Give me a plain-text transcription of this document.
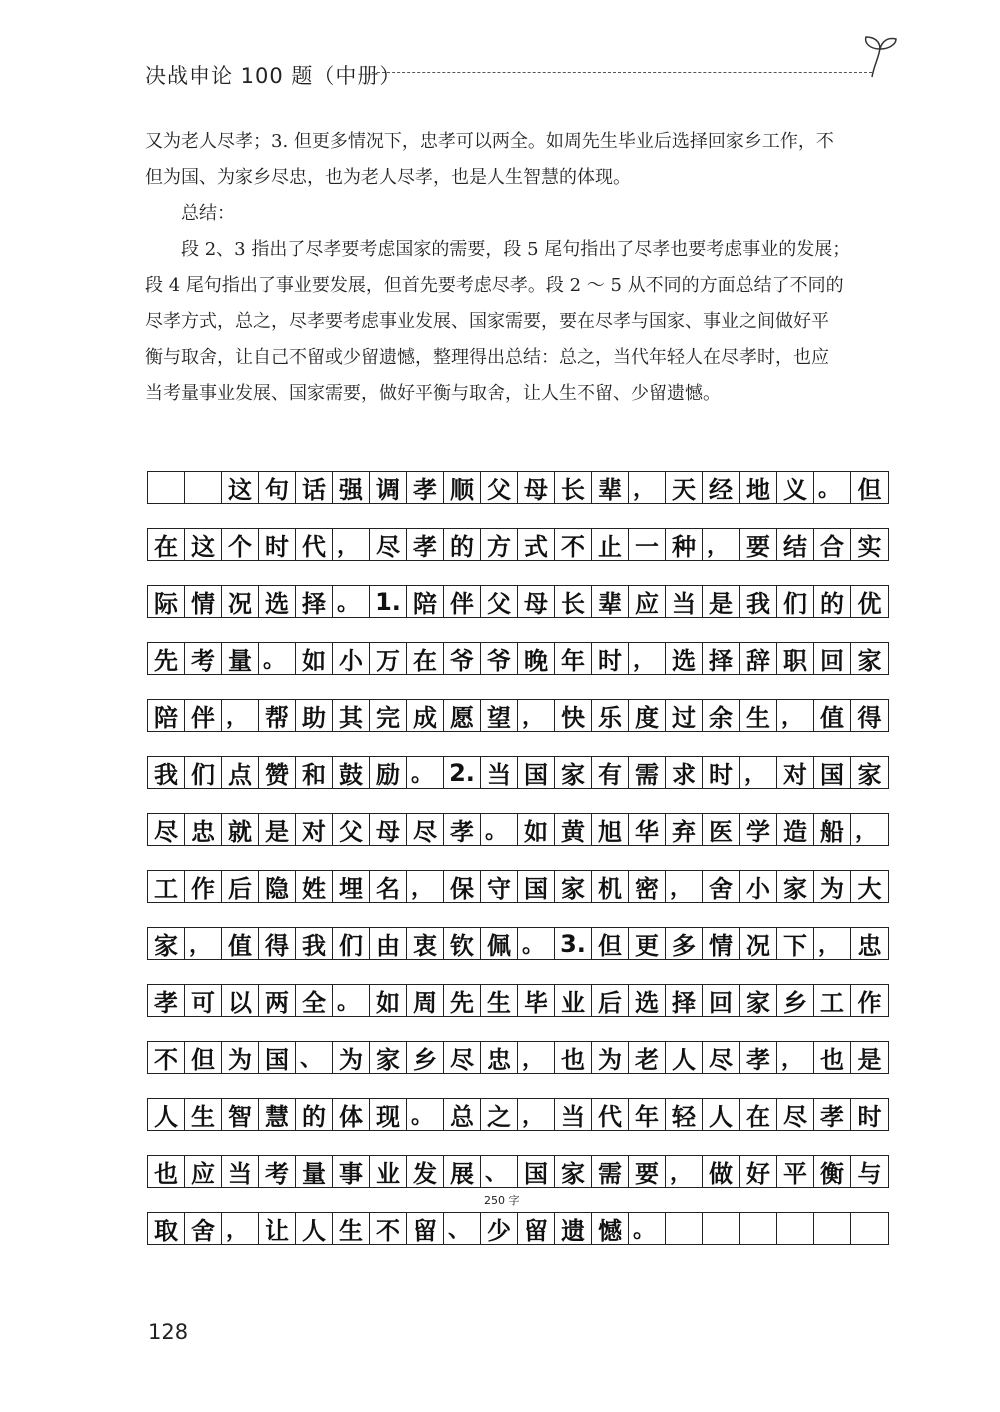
决战申论 100 题（中册）

又为老人尽孝；3. 但更多情况下，忠孝可以两全。如周先生毕业后选择回家乡工作，不

但为国、为家乡尽忠，也为老人尽孝，也是人生智慧的体现。

总结：

段 2、3 指出了尽孝要考虑国家的需要，段 5 尾句指出了尽孝也要考虑事业的发展；

段 4 尾句指出了事业要发展，但首先要考虑尽孝。段 2 ～ 5 从不同的方面总结了不同的

尽孝方式，总之，尽孝要考虑事业发展、国家需要，要在尽孝与国家、事业之间做好平

衡与取舍，让自己不留或少留遗憾，整理得出总结：总之，当代年轻人在尽孝时，也应

当考量事业发展、国家需要，做好平衡与取舍，让人生不留、少留遗憾。

这 句 话 强 调 孝 顺 父 母 长 辈 ， 天 经 地 义 。 但
在 这 个 时 代 ， 尽 孝 的 方 式 不 止 一 种 ， 要 结 合 实
际 情 况 选 择 。 1. 陪 伴 父 母 长 辈 应 当 是 我 们 的 优
先 考 量 。 如 小 万 在 爷 爷 晚 年 时 ， 选 择 辞 职 回 家
陪 伴 ， 帮 助 其 完 成 愿 望 ， 快 乐 度 过 余 生 ， 值 得
我 们 点 赞 和 鼓 励 。 2. 当 国 家 有 需 求 时 ， 对 国 家
尽 忠 就 是 对 父 母 尽 孝 。 如 黄 旭 华 弃 医 学 造 船 ，
工 作 后 隐 姓 埋 名 ， 保 守 国 家 机 密 ， 舍 小 家 为 大
家 ， 值 得 我 们 由 衷 钦 佩 。 3. 但 更 多 情 况 下 ， 忠
孝 可 以 两 全 。 如 周 先 生 毕 业 后 选 择 回 家 乡 工 作
不 但 为 国 、 为 家 乡 尽 忠 ， 也 为 老 人 尽 孝 ， 也 是
人 生 智 慧 的 体 现 。 总 之 ， 当 代 年 轻 人 在 尽 孝 时
也 应 当 考 量 事 业 发 展 、 国 家 需 要 ， 做 好 平 衡 与
取 舍 ， 让 人 生 不 留 、 少 留 遗 憾 。
250 字
128
